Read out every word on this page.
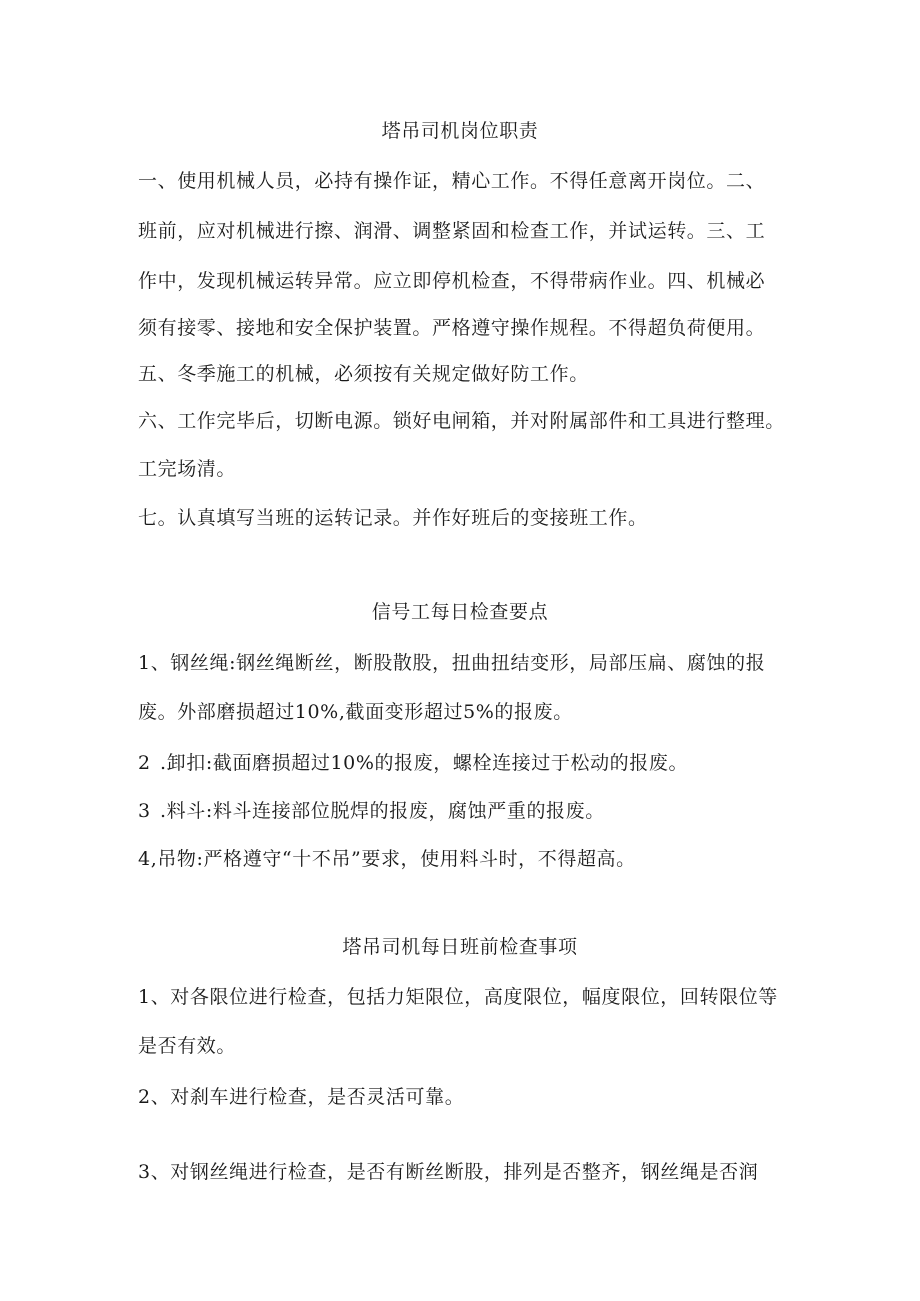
塔吊司机岗位职责
一、使用机械人员，必持有操作证，精心工作。不得任意离开岗位。二、
班前，应对机械进行擦、润滑、调整紧固和检查工作，并试运转。三、工
作中，发现机械运转异常。应立即停机检查，不得带病作业。四、机械必
须有接零、接地和安全保护装置。严格遵守操作规程。不得超负荷便用。
五、冬季施工的机械，必须按有关规定做好防工作。
六、工作完毕后，切断电源。锁好电闸箱，并对附属部件和工具进行整理。
工完场清。
七。认真填写当班的运转记录。并作好班后的变接班工作。
信号工每日检查要点
1、钢丝绳:钢丝绳断丝，断股散股，扭曲扭结变形，局部压扁、腐蚀的报
废。外部磨损超过10%,截面变形超过5%的报废。
2 .卸扣:截面磨损超过10%的报废，螺栓连接过于松动的报废。
3 .料斗:料斗连接部位脱焊的报废，腐蚀严重的报废。
4,吊物:严格遵守“十不吊”要求，使用料斗时，不得超高。
塔吊司机每日班前检查事项
1、对各限位进行检查，包括力矩限位，高度限位，幅度限位，回转限位等
是否有效。
2、对刹车进行检查，是否灵活可靠。
3、对钢丝绳进行检查，是否有断丝断股，排列是否整齐，钢丝绳是否润
